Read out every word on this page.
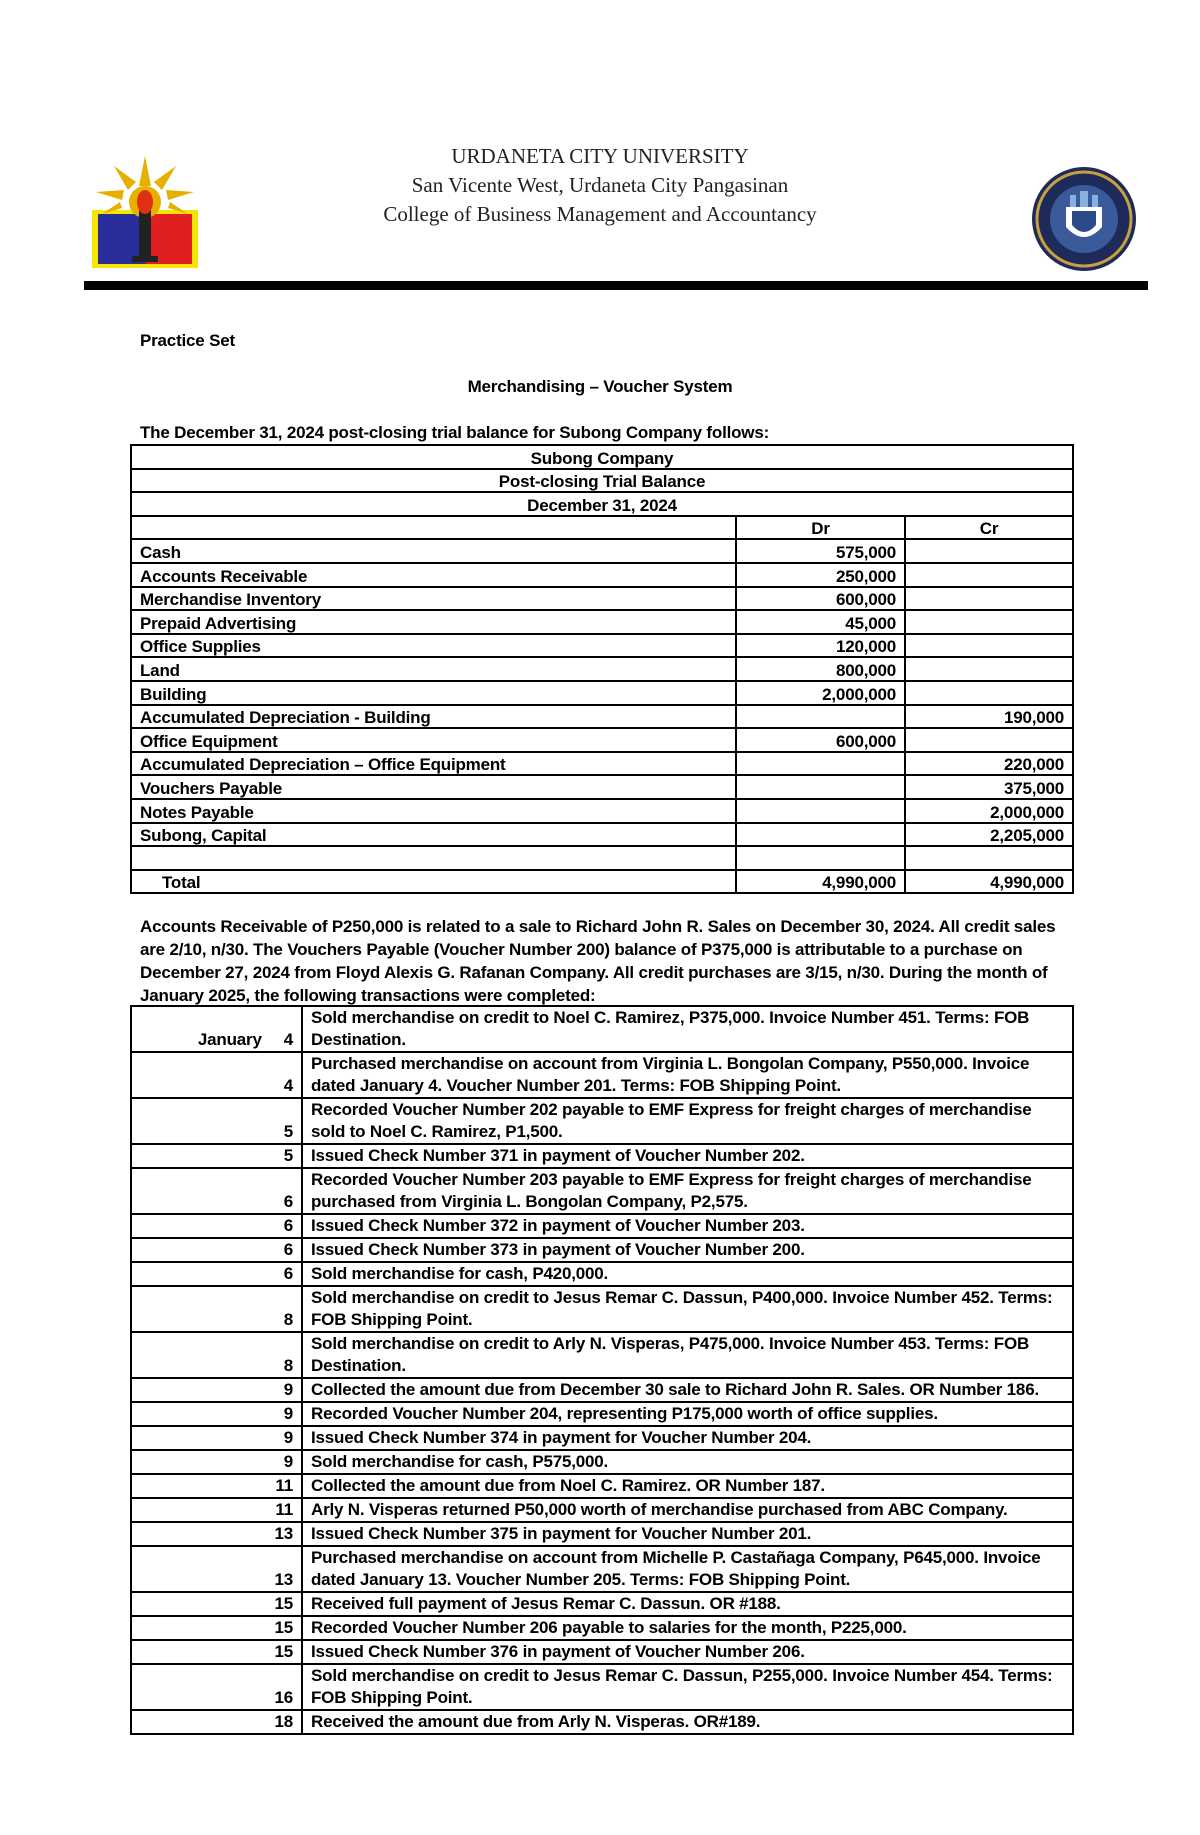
URDANETA CITY UNIVERSITY
San Vicente West, Urdaneta City Pangasinan
College of Business Management and Accountancy
Practice Set
Merchandising – Voucher System
The December 31, 2024 post-closing trial balance for Subong Company follows:
Subong Company		
Post-closing Trial Balance		
December 31, 2024		
	Dr	Cr
Cash	575,000	
Accounts Receivable	250,000	
Merchandise Inventory	600,000	
Prepaid Advertising	45,000	
Office Supplies	120,000	
Land	800,000	
Building	2,000,000	
Accumulated Depreciation - Building		190,000
Office Equipment	600,000	
Accumulated Depreciation – Office Equipment		220,000
Vouchers Payable		375,000
Notes Payable		2,000,000
Subong, Capital		2,205,000

Total	4,990,000	4,990,000
Accounts Receivable of P250,000 is related to a sale to Richard John R. Sales on December 30, 2024. All credit sales are 2/10, n/30. The Vouchers Payable (Voucher Number 200) balance of P375,000 is attributable to a purchase on December 27, 2024 from Floyd Alexis G. Rafanan Company. All credit purchases are 3/15, n/30. During the month of January 2025, the following transactions were completed:
January 4	Sold merchandise on credit to Noel C. Ramirez, P375,000. Invoice Number 451. Terms: FOB Destination.
4	Purchased merchandise on account from Virginia L. Bongolan Company, P550,000. Invoice dated January 4. Voucher Number 201. Terms: FOB Shipping Point.
5	Recorded Voucher Number 202 payable to EMF Express for freight charges of merchandise sold to Noel C. Ramirez, P1,500.
5	Issued Check Number 371 in payment of Voucher Number 202.
6	Recorded Voucher Number 203 payable to EMF Express for freight charges of merchandise purchased from Virginia L. Bongolan Company, P2,575.
6	Issued Check Number 372 in payment of Voucher Number 203.
6	Issued Check Number 373 in payment of Voucher Number 200.
6	Sold merchandise for cash, P420,000.
8	Sold merchandise on credit to Jesus Remar C. Dassun, P400,000. Invoice Number 452. Terms: FOB Shipping Point.
8	Sold merchandise on credit to Arly N. Visperas, P475,000. Invoice Number 453. Terms: FOB Destination.
9	Collected the amount due from December 30 sale to Richard John R. Sales. OR Number 186.
9	Recorded Voucher Number 204, representing P175,000 worth of office supplies.
9	Issued Check Number 374 in payment for Voucher Number 204.
9	Sold merchandise for cash, P575,000.
11	Collected the amount due from Noel C. Ramirez. OR Number 187.
11	Arly N. Visperas returned P50,000 worth of merchandise purchased from ABC Company.
13	Issued Check Number 375 in payment for Voucher Number 201.
13	Purchased merchandise on account from Michelle P. Castañaga Company, P645,000. Invoice dated January 13. Voucher Number 205. Terms: FOB Shipping Point.
15	Received full payment of Jesus Remar C. Dassun. OR #188.
15	Recorded Voucher Number 206 payable to salaries for the month, P225,000.
15	Issued Check Number 376 in payment of Voucher Number 206.
16	Sold merchandise on credit to Jesus Remar C. Dassun, P255,000. Invoice Number 454. Terms: FOB Shipping Point.
18	Received the amount due from Arly N. Visperas. OR#189.
